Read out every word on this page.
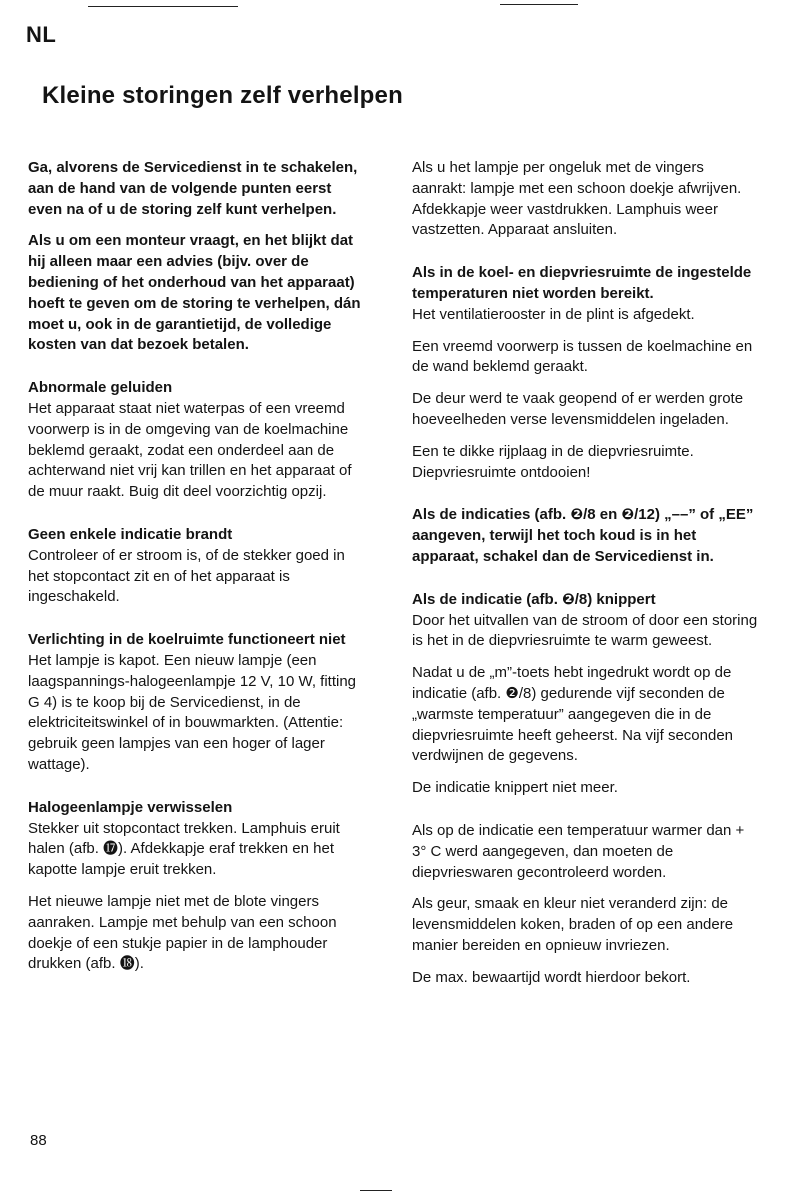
NL
Kleine storingen zelf verhelpen

Ga, alvorens de Servicedienst in te schakelen, aan de hand van de volgende punten eerst even na of u de storing zelf kunt verhelpen.

Als u om een monteur vraagt, en het blijkt dat hij alleen maar een advies (bijv. over de bediening of het onderhoud van het apparaat) hoeft te geven om de storing te verhelpen, dán moet u, ook in de garantietijd, de volledige kosten van dat bezoek betalen.

Abnormale geluiden

Het apparaat staat niet waterpas of een vreemd voorwerp is in de omgeving van de koelmachine beklemd geraakt, zodat een onderdeel aan de achterwand niet vrij kan trillen en het apparaat of de muur raakt. Buig dit deel voorzichtig opzij.

Geen enkele indicatie brandt

Controleer of er stroom is, of de stekker goed in het stopcontact zit en of het apparaat is ingeschakeld.

Verlichting in de koelruimte functioneert niet

Het lampje is kapot. Een nieuw lampje (een laagspannings-halogeenlampje 12 V, 10 W, fitting G 4) is te koop bij de Servicedienst, in de elektriciteitswinkel of in bouwmarkten. (Attentie: gebruik geen lampjes van een hoger of lager wattage).

Halogeenlampje verwisselen

Stekker uit stopcontact trekken. Lamphuis eruit halen (afb. ⓱). Afdekkapje eraf trekken en het kapotte lampje eruit trekken.

Het nieuwe lampje niet met de blote vingers aanraken. Lampje met behulp van een schoon doekje of een stukje papier in de lamphouder drukken (afb. ⓲).

Als u het lampje per ongeluk met de vingers aanrakt: lampje met een schoon doekje afwrijven. Afdekkapje weer vastdrukken. Lamphuis weer vastzetten. Apparaat ansluiten.

Als in de koel- en diepvriesruimte de ingestelde temperaturen niet worden bereikt.

Het ventilatierooster in de plint is afgedekt.

Een vreemd voorwerp is tussen de koelmachine en de wand beklemd geraakt.

De deur werd te vaak geopend of er werden grote hoeveelheden verse levensmiddelen ingeladen.

Een te dikke rijplaag in de diepvriesruimte. Diepvriesruimte ontdooien!

Als de indicaties (afb. ❷/8 en ❷/12) „––” of „EE” aangeven, terwijl het toch koud is in het apparaat, schakel dan de Servicedienst in.
Als de indicatie (afb. ❷/8) knippert

Door het uitvallen van de stroom of door een storing is het in de diepvriesruimte te warm geweest.

Nadat u de „m”-toets hebt ingedrukt wordt op de indicatie (afb. ❷/8) gedurende vijf seconden de „warmste temperatuur” aangegeven die in de diepvriesruimte heeft geheerst. Na vijf seconden verdwijnen de gegevens.

De indicatie knippert niet meer.

Als op de indicatie een temperatuur warmer dan + 3° C werd aangegeven, dan moeten de diepvrieswaren gecontroleerd worden.

Als geur, smaak en kleur niet veranderd zijn: de levensmiddelen koken, braden of op een andere manier bereiden en opnieuw invriezen.

De max. bewaartijd wordt hierdoor bekort.

88
